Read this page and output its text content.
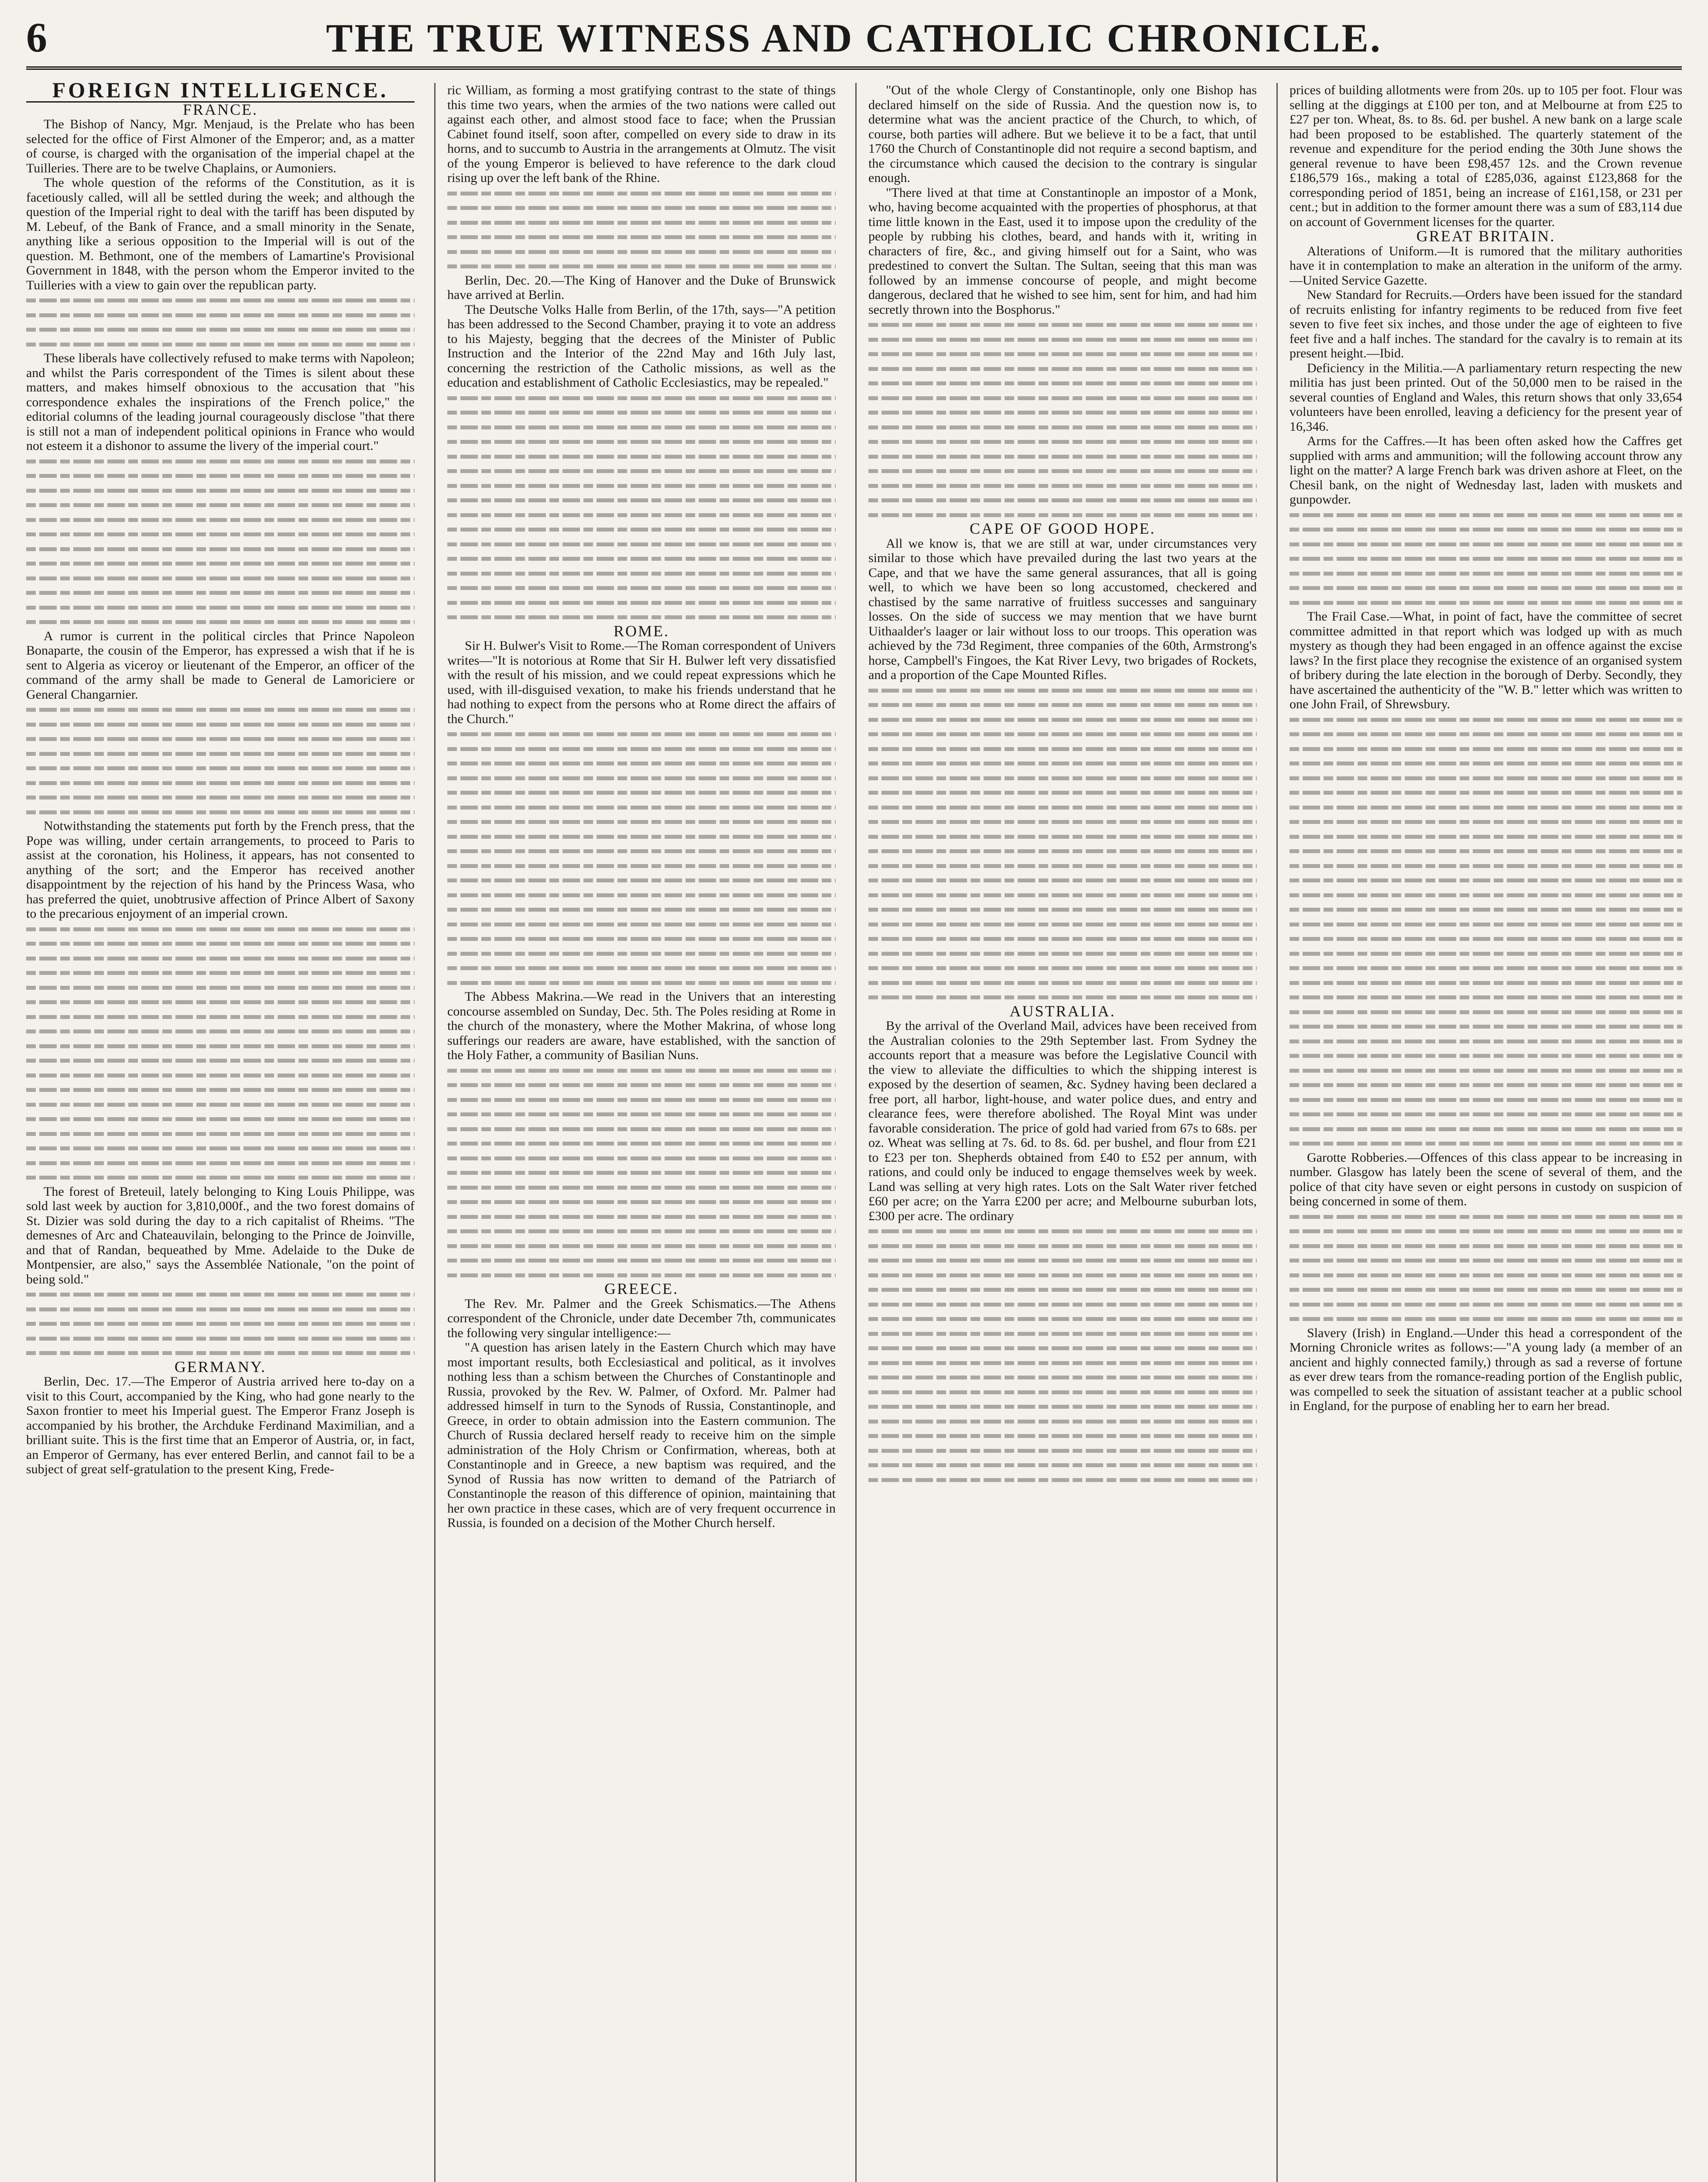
6	THE TRUE WITNESS AND CATHOLIC CHRONICLE.

FOREIGN INTELLIGENCE.

FRANCE.

The Bishop of Nancy, Mgr. Menjaud, is the Prelate who has been selected for the office of First Almoner of the Emperor; and, as a matter of course, is charged with the organisation of the imperial chapel at the Tuilleries. There are to be twelve Chaplains, or Aumoniers.

The whole question of the reforms of the Constitution, as it is facetiously called, will all be settled during the week; and although the question of the Imperial right to deal with the tariff has been disputed by M. Lebeuf, of the Bank of France, and a small minority in the Senate, anything like a serious opposition to the Imperial will is out of the question. M. Bethmont, one of the members of Lamartine's Provisional Government in 1848, with the person whom the Emperor invited to the Tuilleries with a view to gain over the republican party.

These liberals have collectively refused to make terms with Napoleon; and whilst the Paris correspondent of the Times is silent about these matters, and makes himself obnoxious to the accusation that "his correspondence exhales the inspirations of the French police," the editorial columns of the leading journal courageously disclose "that there is still not a man of independent political opinions in France who would not esteem it a dishonor to assume the livery of the imperial court."

A rumor is current in the political circles that Prince Napoleon Bonaparte, the cousin of the Emperor, has expressed a wish that if he is sent to Algeria as viceroy or lieutenant of the Emperor, an officer of the command of the army shall be made to General de Lamoriciere or General Changarnier.

Notwithstanding the statements put forth by the French press, that the Pope was willing, under certain arrangements, to proceed to Paris to assist at the coronation, his Holiness, it appears, has not consented to anything of the sort; and the Emperor has received another disappointment by the rejection of his hand by the Princess Wasa, who has preferred the quiet, unobtrusive affection of Prince Albert of Saxony to the precarious enjoyment of an imperial crown.

The forest of Breteuil, lately belonging to King Louis Philippe, was sold last week by auction for 3,810,000f., and the two forest domains of St. Dizier was sold during the day to a rich capitalist of Rheims. "The demesnes of Arc and Chateauvilain, belonging to the Prince de Joinville, and that of Randan, bequeathed by Mme. Adelaide to the Duke de Montpensier, are also," says the Assemblée Nationale, "on the point of being sold."

GERMANY.

Berlin, Dec. 17.—The Emperor of Austria arrived here to-day on a visit to this Court, accompanied by the King, who had gone nearly to the Saxon frontier to meet his Imperial guest. The Emperor Franz Joseph is accompanied by his brother, the Archduke Ferdinand Maximilian, and a brilliant suite. This is the first time that an Emperor of Austria, or, in fact, an Emperor of Germany, has ever entered Berlin, and cannot fail to be a subject of great self-gratulation to the present King, Frede-

ric William, as forming a most gratifying contrast to the state of things this time two years, when the armies of the two nations were called out against each other, and almost stood face to face; when the Prussian Cabinet found itself, soon after, compelled on every side to draw in its horns, and to succumb to Austria in the arrangements at Olmutz. The visit of the young Emperor is believed to have reference to the dark cloud rising up over the left bank of the Rhine.

Berlin, Dec. 20.—The King of Hanover and the Duke of Brunswick have arrived at Berlin.

The Deutsche Volks Halle from Berlin, of the 17th, says—"A petition has been addressed to the Second Chamber, praying it to vote an address to his Majesty, begging that the decrees of the Minister of Public Instruction and the Interior of the 22nd May and 16th July last, concerning the restriction of the Catholic missions, as well as the education and establishment of Catholic Ecclesiastics, may be repealed."

ROME.

Sir H. Bulwer's Visit to Rome.—The Roman correspondent of Univers writes—"It is notorious at Rome that Sir H. Bulwer left very dissatisfied with the result of his mission, and we could repeat expressions which he used, with ill-disguised vexation, to make his friends understand that he had nothing to expect from the persons who at Rome direct the affairs of the Church."

The Abbess Makrina.—We read in the Univers that an interesting concourse assembled on Sunday, Dec. 5th. The Poles residing at Rome in the church of the monastery, where the Mother Makrina, of whose long sufferings our readers are aware, have established, with the sanction of the Holy Father, a community of Basilian Nuns.

GREECE.

The Rev. Mr. Palmer and the Greek Schismatics.—The Athens correspondent of the Chronicle, under date December 7th, communicates the following very singular intelligence:—

"A question has arisen lately in the Eastern Church which may have most important results, both Ecclesiastical and political, as it involves nothing less than a schism between the Churches of Constantinople and Russia, provoked by the Rev. W. Palmer, of Oxford. Mr. Palmer had addressed himself in turn to the Synods of Russia, Constantinople, and Greece, in order to obtain admission into the Eastern communion. The Church of Russia declared herself ready to receive him on the simple administration of the Holy Chrism or Confirmation, whereas, both at Constantinople and in Greece, a new baptism was required, and the Synod of Russia has now written to demand of the Patriarch of Constantinople the reason of this difference of opinion, maintaining that her own practice in these cases, which are of very frequent occurrence in Russia, is founded on a decision of the Mother Church herself.

"Out of the whole Clergy of Constantinople, only one Bishop has declared himself on the side of Russia. And the question now is, to determine what was the ancient practice of the Church, to which, of course, both parties will adhere. But we believe it to be a fact, that until 1760 the Church of Constantinople did not require a second baptism, and the circumstance which caused the decision to the contrary is singular enough.

"There lived at that time at Constantinople an impostor of a Monk, who, having become acquainted with the properties of phosphorus, at that time little known in the East, used it to impose upon the credulity of the people by rubbing his clothes, beard, and hands with it, writing in characters of fire, &c., and giving himself out for a Saint, who was predestined to convert the Sultan. The Sultan, seeing that this man was followed by an immense concourse of people, and might become dangerous, declared that he wished to see him, sent for him, and had him secretly thrown into the Bosphorus."

CAPE OF GOOD HOPE.

All we know is, that we are still at war, under circumstances very similar to those which have prevailed during the last two years at the Cape, and that we have the same general assurances, that all is going well, to which we have been so long accustomed, checkered and chastised by the same narrative of fruitless successes and sanguinary losses. On the side of success we may mention that we have burnt Uithaalder's laager or lair without loss to our troops. This operation was achieved by the 73d Regiment, three companies of the 60th, Armstrong's horse, Campbell's Fingoes, the Kat River Levy, two brigades of Rockets, and a proportion of the Cape Mounted Rifles.

AUSTRALIA.

By the arrival of the Overland Mail, advices have been received from the Australian colonies to the 29th September last. From Sydney the accounts report that a measure was before the Legislative Council with the view to alleviate the difficulties to which the shipping interest is exposed by the desertion of seamen, &c. Sydney having been declared a free port, all harbor, light-house, and water police dues, and entry and clearance fees, were therefore abolished. The Royal Mint was under favorable consideration. The price of gold had varied from 67s to 68s. per oz. Wheat was selling at 7s. 6d. to 8s. 6d. per bushel, and flour from £21 to £23 per ton. Shepherds obtained from £40 to £52 per annum, with rations, and could only be induced to engage themselves week by week. Land was selling at very high rates. Lots on the Salt Water river fetched £60 per acre; on the Yarra £200 per acre; and Melbourne suburban lots, £300 per acre. The ordinary

prices of building allotments were from 20s. up to 105 per foot. Flour was selling at the diggings at £100 per ton, and at Melbourne at from £25 to £27 per ton. Wheat, 8s. to 8s. 6d. per bushel. A new bank on a large scale had been proposed to be established. The quarterly statement of the revenue and expenditure for the period ending the 30th June shows the general revenue to have been £98,457 12s. and the Crown revenue £186,579 16s., making a total of £285,036, against £123,868 for the corresponding period of 1851, being an increase of £161,158, or 231 per cent.; but in addition to the former amount there was a sum of £83,114 due on account of Government licenses for the quarter.

GREAT BRITAIN.

Alterations of Uniform.—It is rumored that the military authorities have it in contemplation to make an alteration in the uniform of the army.—United Service Gazette.

New Standard for Recruits.—Orders have been issued for the standard of recruits enlisting for infantry regiments to be reduced from five feet seven to five feet six inches, and those under the age of eighteen to five feet five and a half inches. The standard for the cavalry is to remain at its present height.—Ibid.

Deficiency in the Militia.—A parliamentary return respecting the new militia has just been printed. Out of the 50,000 men to be raised in the several counties of England and Wales, this return shows that only 33,654 volunteers have been enrolled, leaving a deficiency for the present year of 16,346.

Arms for the Caffres.—It has been often asked how the Caffres get supplied with arms and ammunition; will the following account throw any light on the matter? A large French bark was driven ashore at Fleet, on the Chesil bank, on the night of Wednesday last, laden with muskets and gunpowder.

The Frail Case.—What, in point of fact, have the committee of secret committee admitted in that report which was lodged up with as much mystery as though they had been engaged in an offence against the excise laws? In the first place they recognise the existence of an organised system of bribery during the late election in the borough of Derby. Secondly, they have ascertained the authenticity of the "W. B." letter which was written to one John Frail, of Shrewsbury.

Garotte Robberies.—Offences of this class appear to be increasing in number. Glasgow has lately been the scene of several of them, and the police of that city have seven or eight persons in custody on suspicion of being concerned in some of them.

Slavery (Irish) in England.—Under this head a correspondent of the Morning Chronicle writes as follows:—"A young lady (a member of an ancient and highly connected family,) through as sad a reverse of fortune as ever drew tears from the romance-reading portion of the English public, was compelled to seek the situation of assistant teacher at a public school in England, for the purpose of enabling her to earn her bread.
